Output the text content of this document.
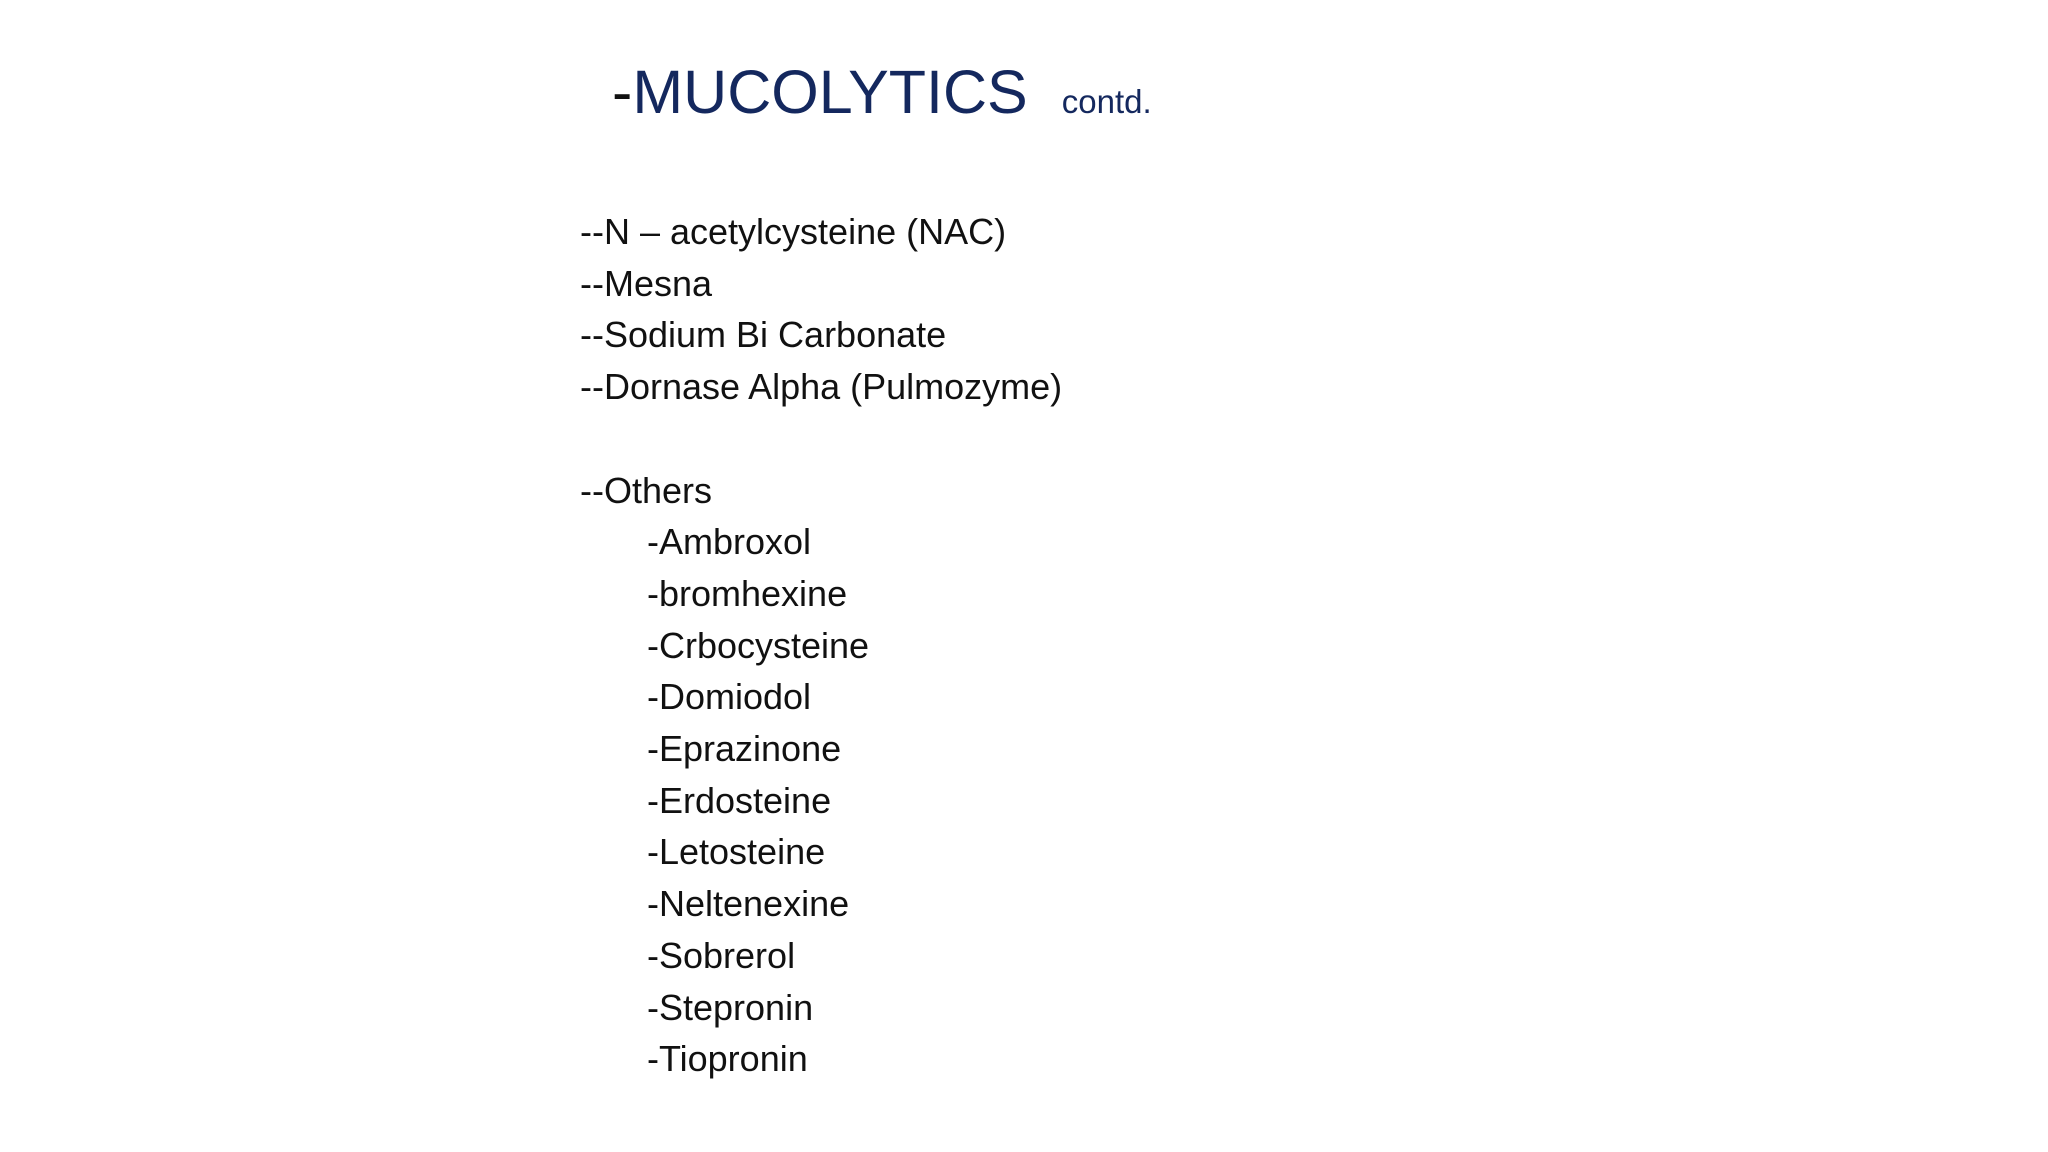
-MUCOLYTICS contd.
--N – acetylcysteine (NAC)
--Mesna
--Sodium Bi Carbonate
--Dornase Alpha (Pulmozyme)
--Others
-Ambroxol
-bromhexine
-Crbocysteine
-Domiodol
-Eprazinone
-Erdosteine
-Letosteine
-Neltenexine
-Sobrerol
-Stepronin
-Tiopronin
